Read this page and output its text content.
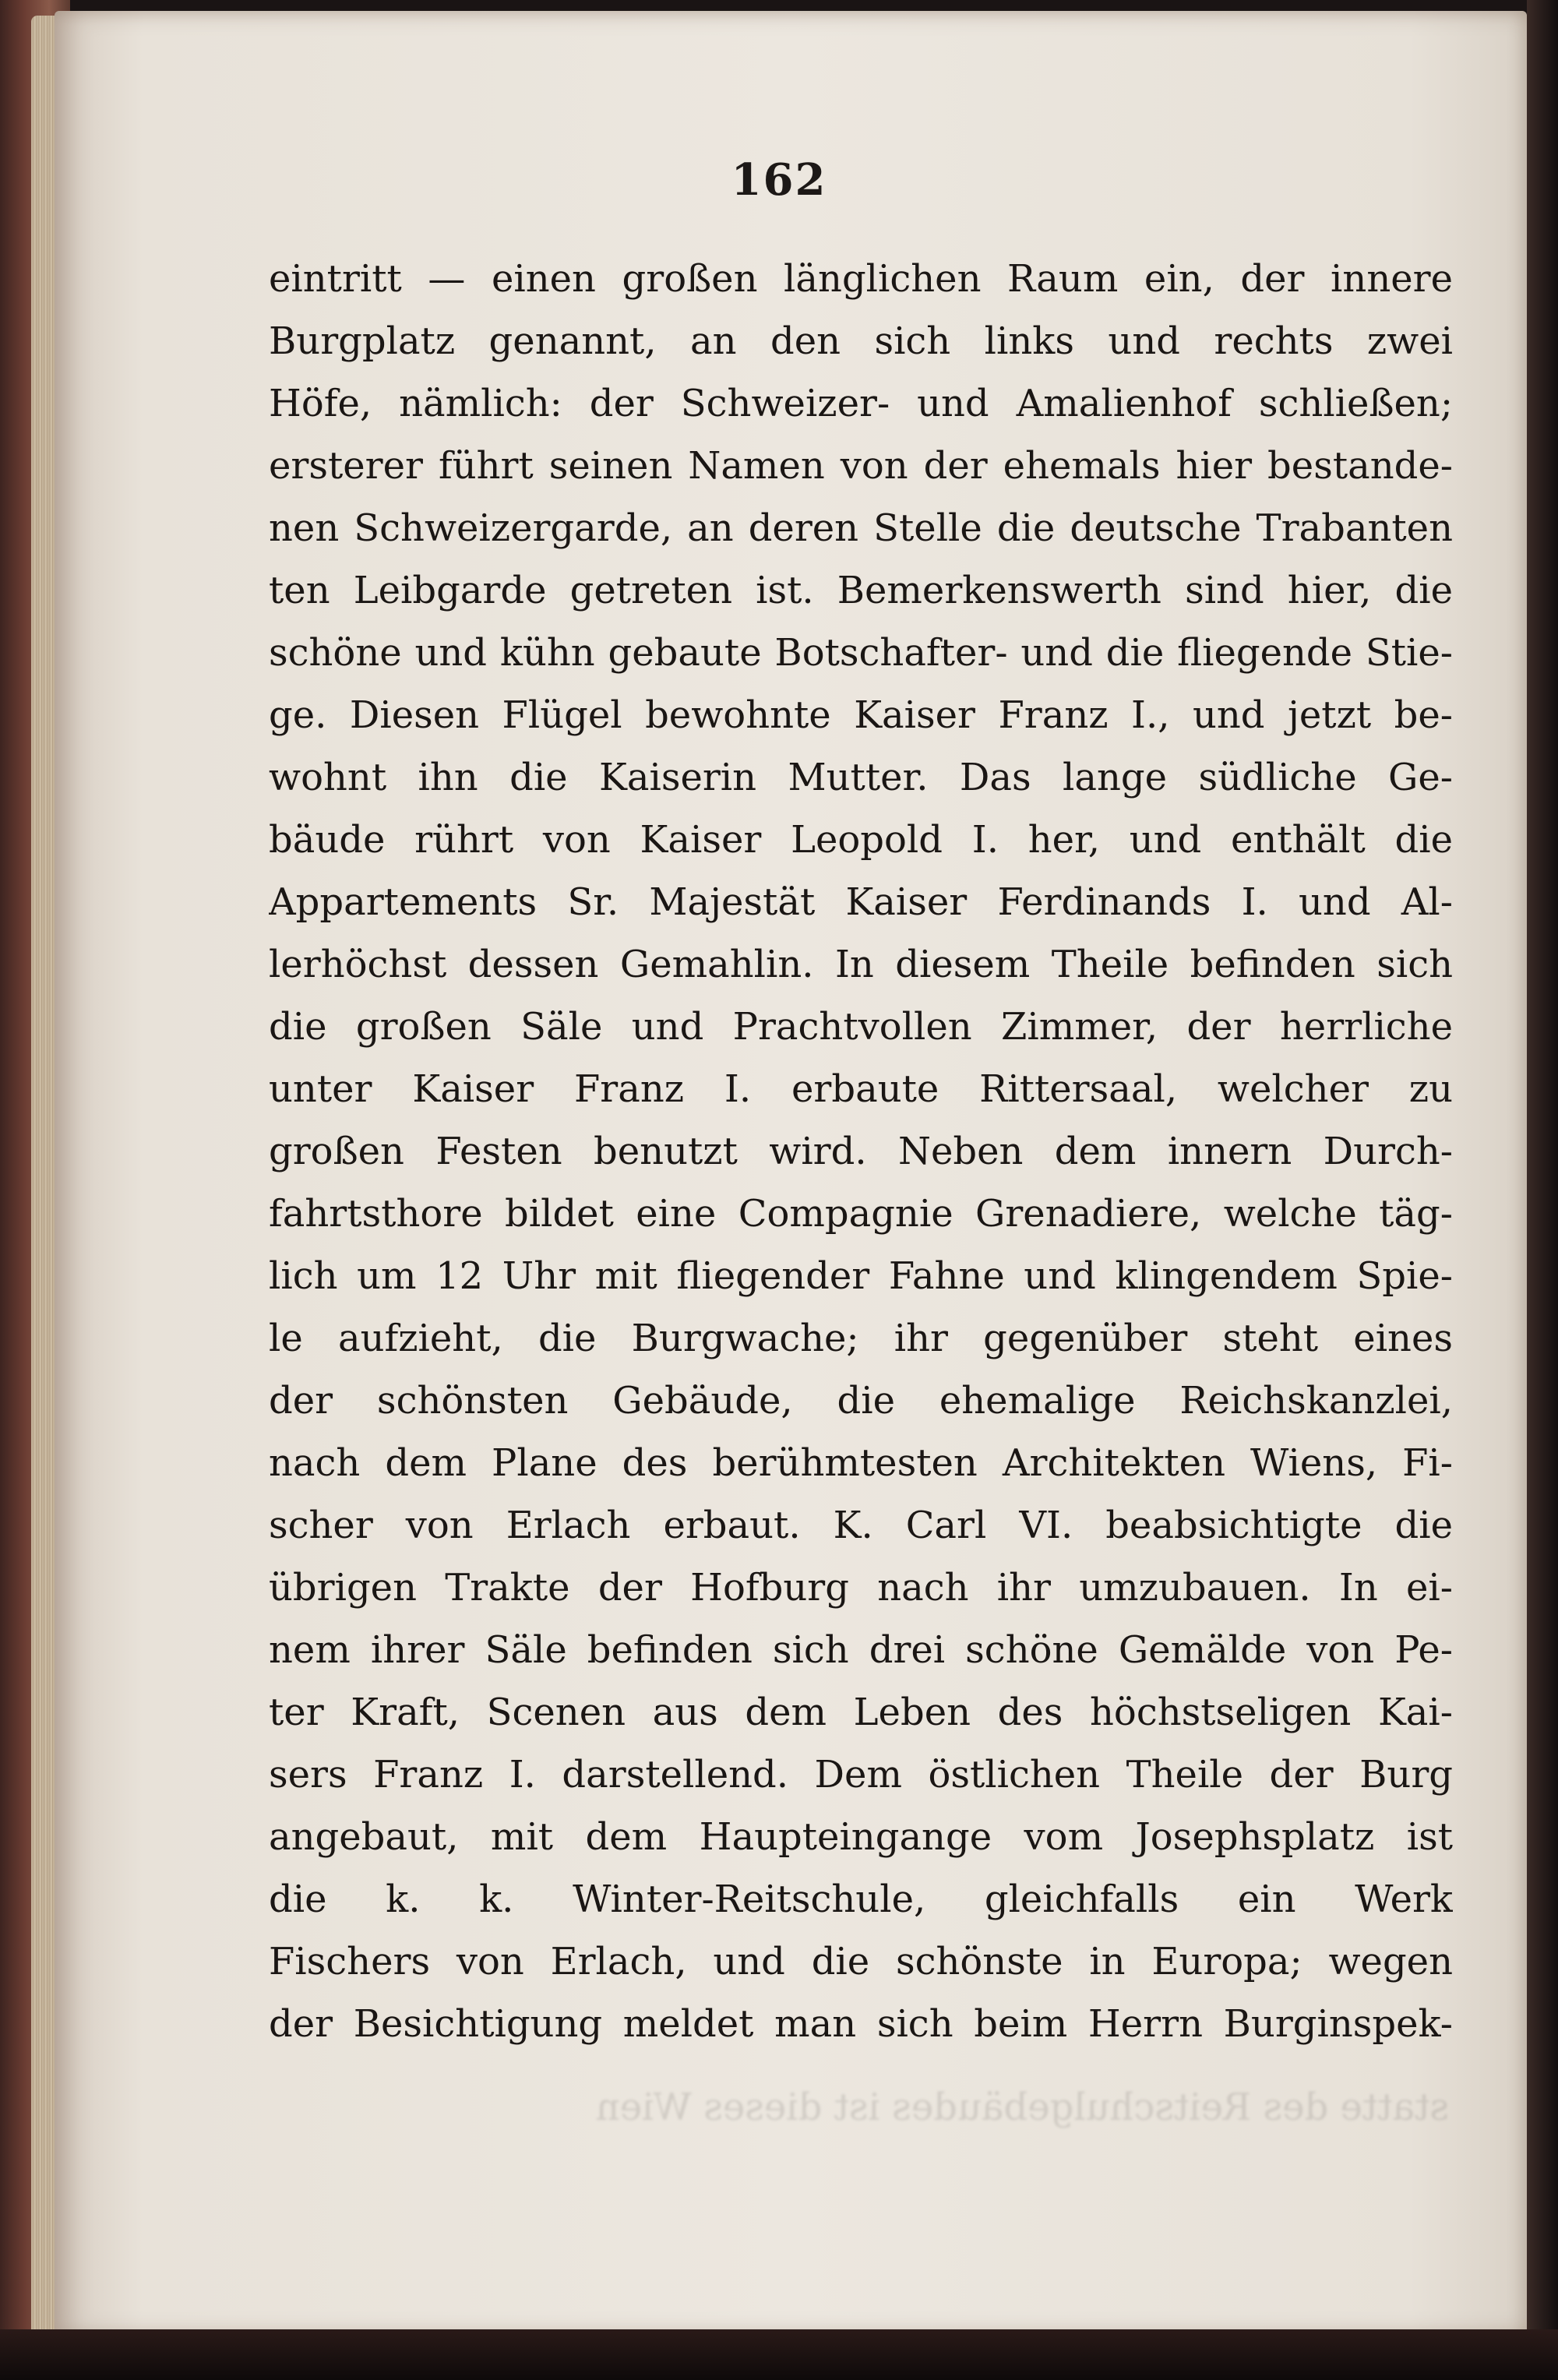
statte des Reitschulgebäudes ist dieses Wien
162
eintritt — einen großen länglichen Raum ein, der innere
Burgplatz genannt, an den sich links und rechts zwei
Höfe, nämlich: der Schweizer- und Amalienhof schließen;
ersterer führt seinen Namen von der ehemals hier bestande-
nen Schweizergarde, an deren Stelle die deutsche Trabanten
ten Leibgarde getreten ist. Bemerkenswerth sind hier, die
schöne und kühn gebaute Botschafter- und die fliegende Stie-
ge. Diesen Flügel bewohnte Kaiser Franz I., und jetzt be-
wohnt ihn die Kaiserin Mutter. Das lange südliche Ge-
bäude rührt von Kaiser Leopold I. her, und enthält die
Appartements Sr. Majestät Kaiser Ferdinands I. und Al-
lerhöchst dessen Gemahlin. In diesem Theile befinden sich
die großen Säle und Prachtvollen Zimmer, der herrliche
unter Kaiser Franz I. erbaute Rittersaal, welcher zu
großen Festen benutzt wird. Neben dem innern Durch-
fahrtsthore bildet eine Compagnie Grenadiere, welche täg-
lich um 12 Uhr mit fliegender Fahne und klingendem Spie-
le aufzieht, die Burgwache; ihr gegenüber steht eines
der schönsten Gebäude, die ehemalige Reichskanzlei,
nach dem Plane des berühmtesten Architekten Wiens, Fi-
scher von Erlach erbaut. K. Carl VI. beabsichtigte die
übrigen Trakte der Hofburg nach ihr umzubauen. In ei-
nem ihrer Säle befinden sich drei schöne Gemälde von Pe-
ter Kraft, Scenen aus dem Leben des höchstseligen Kai-
sers Franz I. darstellend. Dem östlichen Theile der Burg
angebaut, mit dem Haupteingange vom Josephsplatz ist
die k. k. Winter-Reitschule, gleichfalls ein Werk
Fischers von Erlach, und die schönste in Europa; wegen
der Besichtigung meldet man sich beim Herrn Burginspek-
